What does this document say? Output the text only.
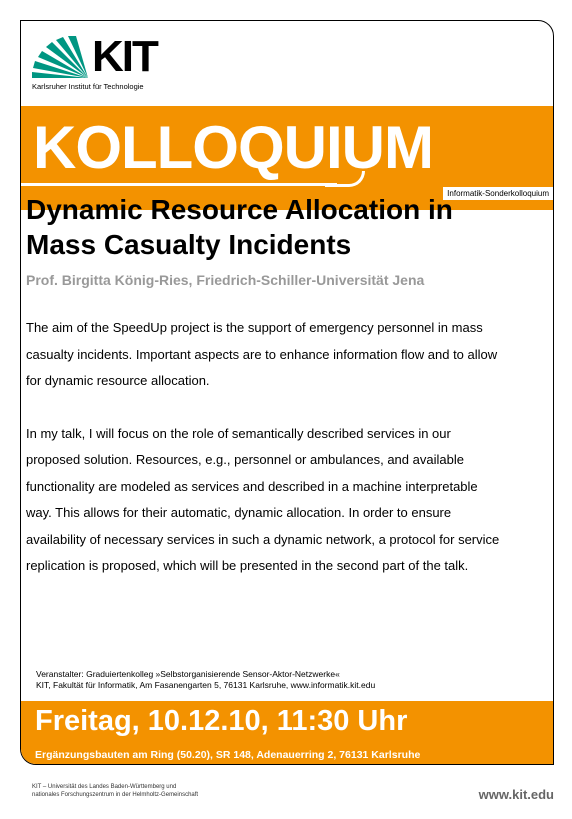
KOLLOQUIUM
Informatik-Sonderkolloquium
Freitag, 10.12.10, 11:30 Uhr
Ergänzungsbauten am Ring (50.20), SR 148, Adenauerring 2, 76131 Karlsruhe
Veranstalter: Graduiertenkolleg »Selbstorganisierende Sensor-Aktor-Netzwerke«
KIT, Fakultät für Informatik, Am Fasanengarten 5, 76131 Karlsruhe, www.informatik.kit.edu
KIT
Karlsruher Institut für Technologie
Dynamic Resource Allocation in Mass Casualty Incidents
Prof. Birgitta König-Ries, Friedrich-Schiller-Universität Jena

The aim of the SpeedUp project is the support of emergency personnel in mass casualty incidents. Important aspects are to enhance information flow and to allow for dynamic resource allocation.

In my talk, I will focus on the role of semantically described services in our proposed solution. Resources, e.g., personnel or ambulances, and available functionality are modeled as services and described in a machine interpretable way. This allows for their automatic, dynamic allocation. In order to ensure availability of necessary services in such a dynamic network, a protocol for service replication is proposed, which will be presented in the second part of the talk.

KIT – Universität des Landes Baden-Württemberg und
nationales Forschungszentrum in der Helmholtz-Gemeinschaft	www.kit.edu
